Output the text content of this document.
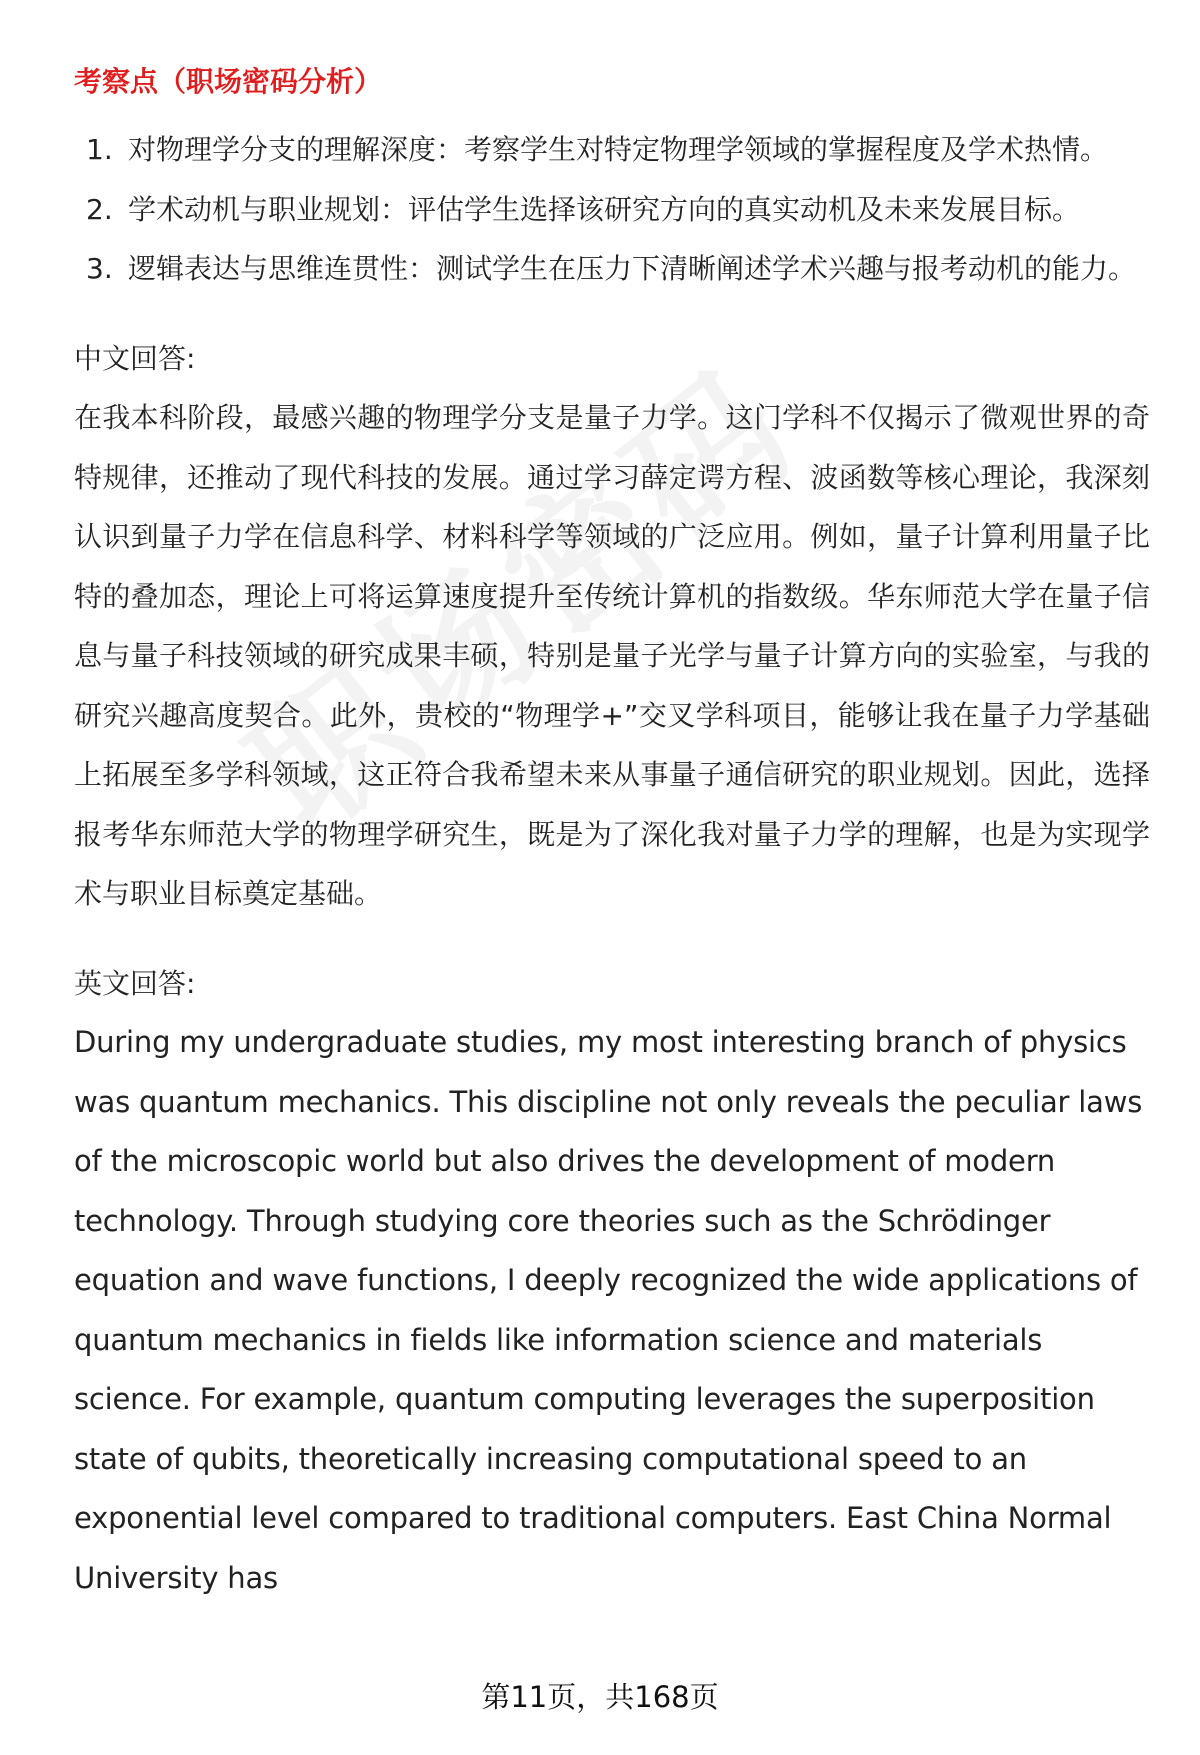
考察点（职场密码分析）
1. 对物理学分支的理解深度：考察学生对特定物理学领域的掌握程度及学术热情。
2. 学术动机与职业规划：评估学生选择该研究方向的真实动机及未来发展目标。
3. 逻辑表达与思维连贯性：测试学生在压力下清晰阐述学术兴趣与报考动机的能力。
中文回答:

在我本科阶段，最感兴趣的物理学分支是量子力学。这门学科不仅揭示了微观世界的奇特规律，还推动了现代科技的发展。通过学习薛定谔方程、波函数等核心理论，我深刻认识到量子力学在信息科学、材料科学等领域的广泛应用。例如，量子计算利用量子比特的叠加态，理论上可将运算速度提升至传统计算机的指数级。华东师范大学在量子信息与量子科技领域的研究成果丰硕，特别是量子光学与量子计算方向的实验室，与我的研究兴趣高度契合。此外，贵校的“物理学+”交叉学科项目，能够让我在量子力学基础上拓展至多学科领域，这正符合我希望未来从事量子通信研究的职业规划。因此，选择报考华东师范大学的物理学研究生，既是为了深化我对量子力学的理解，也是为实现学术与职业目标奠定基础。

英文回答:

During my undergraduate studies, my most interesting branch of physics was quantum mechanics. This discipline not only reveals the peculiar laws of the microscopic world but also drives the development of modern technology. Through studying core theories such as the Schrödinger equation and wave functions, I deeply recognized the wide applications of quantum mechanics in fields like information science and materials science. For example, quantum computing leverages the superposition state of qubits, theoretically increasing computational speed to an exponential level compared to traditional computers. East China Normal University has

第11页，共168页
